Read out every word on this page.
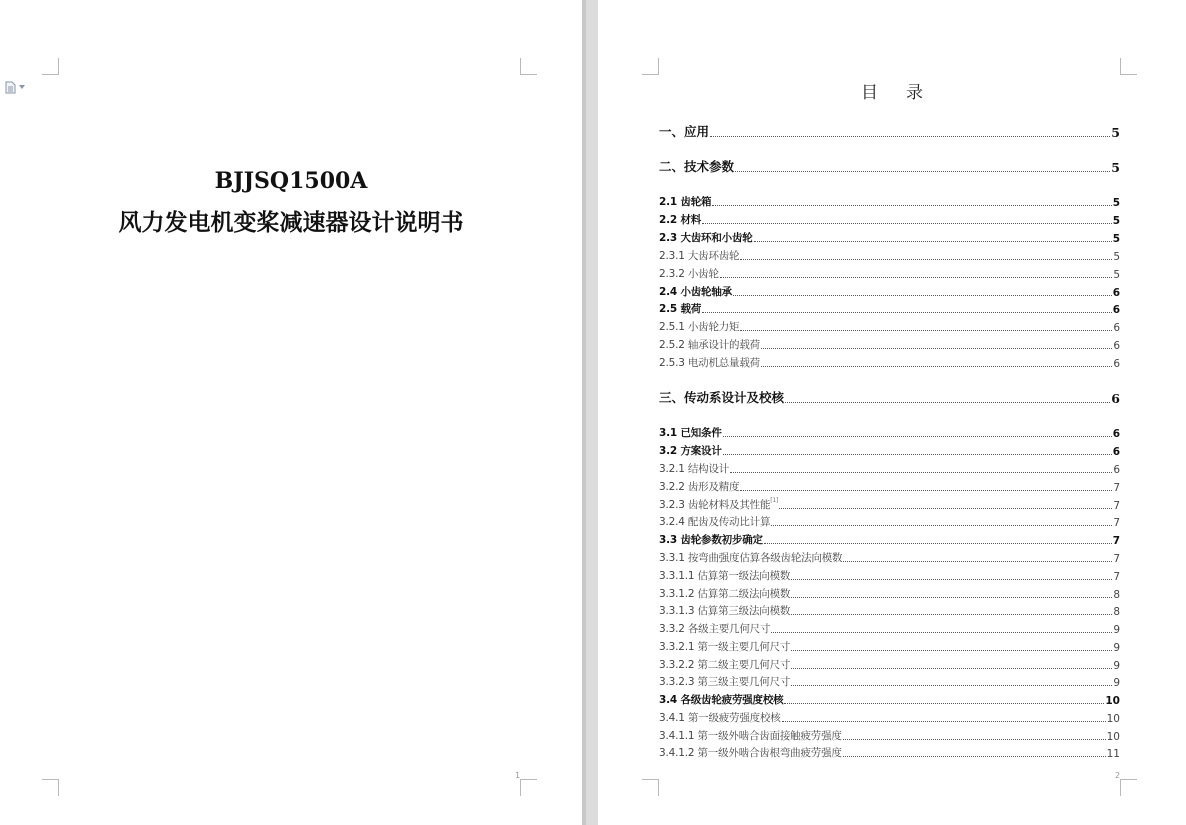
BJJSQ1500A
风力发电机变桨减速器设计说明书
1
目录
一、应用	5
二、技术参数	5
2.1 齿轮箱	5
2.2 材料	5
2.3 大齿环和小齿轮	5
2.3.1 大齿环齿轮	5
2.3.2 小齿轮	5
2.4 小齿轮轴承	6
2.5 载荷	6
2.5.1 小齿轮力矩	6
2.5.2 轴承设计的载荷	6
2.5.3 电动机总量载荷	6
三、传动系设计及校核	6
3.1 已知条件	6
3.2 方案设计	6
3.2.1 结构设计	6
3.2.2 齿形及精度	7
3.2.3 齿轮材料及其性能[1]	7
3.2.4 配齿及传动比计算	7
3.3 齿轮参数初步确定	7
3.3.1 按弯曲强度估算各级齿轮法向模数	7
3.3.1.1 估算第一级法向模数	7
3.3.1.2 估算第二级法向模数	8
3.3.1.3 估算第三级法向模数	8
3.3.2 各级主要几何尺寸	9
3.3.2.1 第一级主要几何尺寸	9
3.3.2.2 第二级主要几何尺寸	9
3.3.2.3 第三级主要几何尺寸	9
3.4 各级齿轮疲劳强度校核	10
3.4.1 第一级疲劳强度校核	10
3.4.1.1 第一级外啮合齿面接触疲劳强度	10
3.4.1.2 第一级外啮合齿根弯曲疲劳强度	11
2
